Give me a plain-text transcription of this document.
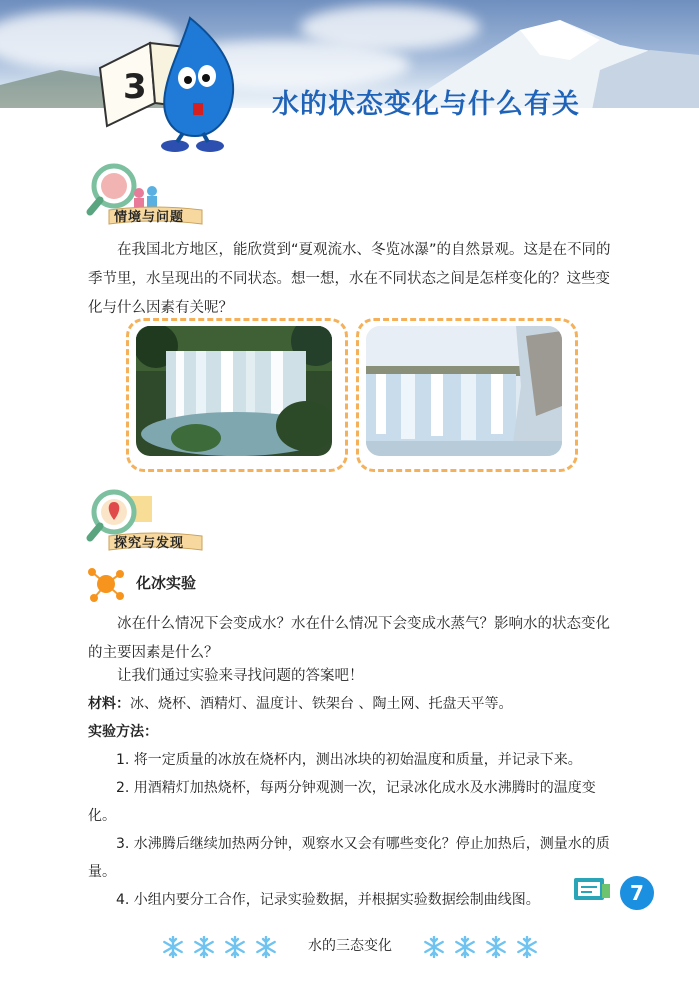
3	水的状态变化与什么有关
情境与问题

在我国北方地区，能欣赏到“夏观流水、冬览冰瀑”的自然景观。这是在不同的季节里，水呈现出的不同状态。想一想，水在不同状态之间是怎样变化的？这些变化与什么因素有关呢？

探究与发现
化冰实验

冰在什么情况下会变成水？水在什么情况下会变成水蒸气？影响水的状态变化的主要因素是什么？

让我们通过实验来寻找问题的答案吧！

材料：冰、烧杯、酒精灯、温度计、铁架台 、陶土网、托盘天平等。
实验方法：

1. 将一定质量的冰放在烧杯内，测出冰块的初始温度和质量，并记录下来。

2. 用酒精灯加热烧杯，每两分钟观测一次，记录冰化成水及水沸腾时的温度变化。

3. 水沸腾后继续加热两分钟，观察水又会有哪些变化？停止加热后，测量水的质量。

4. 小组内要分工合作，记录实验数据，并根据实验数据绘制曲线图。	7
水的三态变化
